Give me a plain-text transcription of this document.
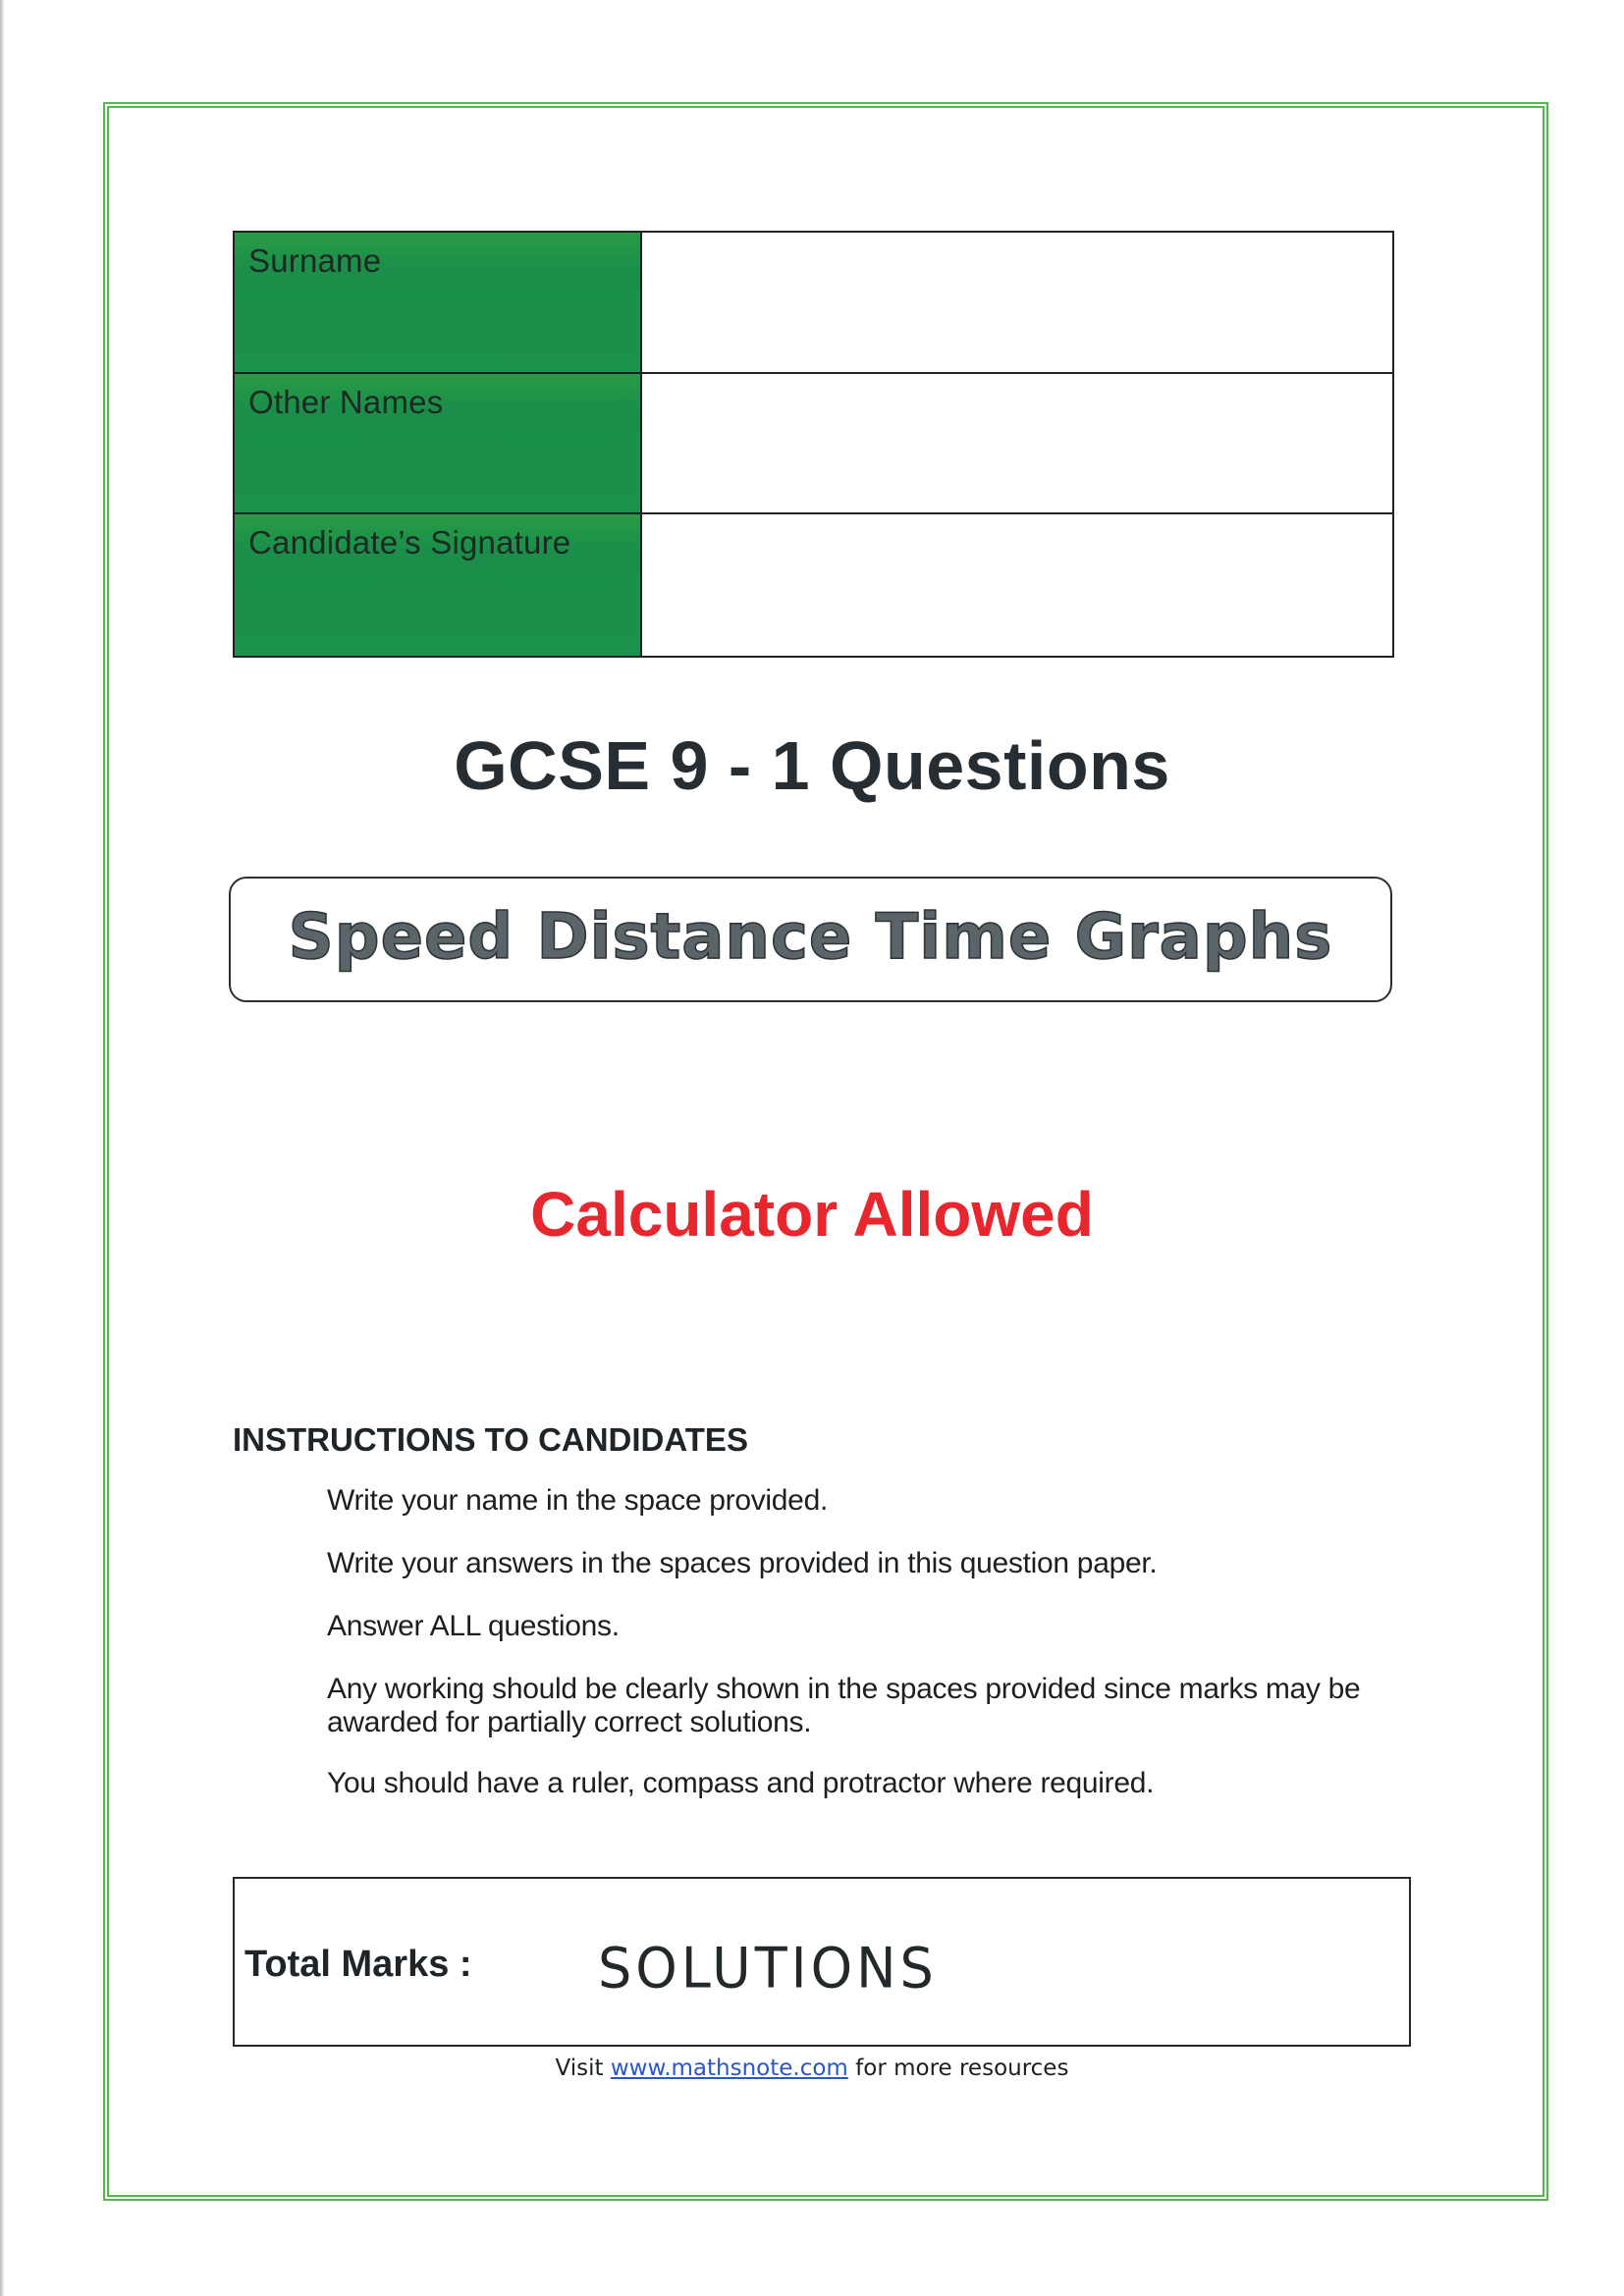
Surname
Other Names
Candidate’s Signature
GCSE 9 - 1 Questions
Speed Distance Time Graphs
Calculator Allowed
INSTRUCTIONS TO CANDIDATES
Write your name in the space provided.
Write your answers in the spaces provided in this question paper.
Answer ALL questions.
Any working should be clearly shown in the spaces provided since marks may be awarded for partially correct solutions.
You should have a ruler, compass and protractor where required.
Total Marks : SOLUTIONS
Visit www.mathsnote.com for more resources
